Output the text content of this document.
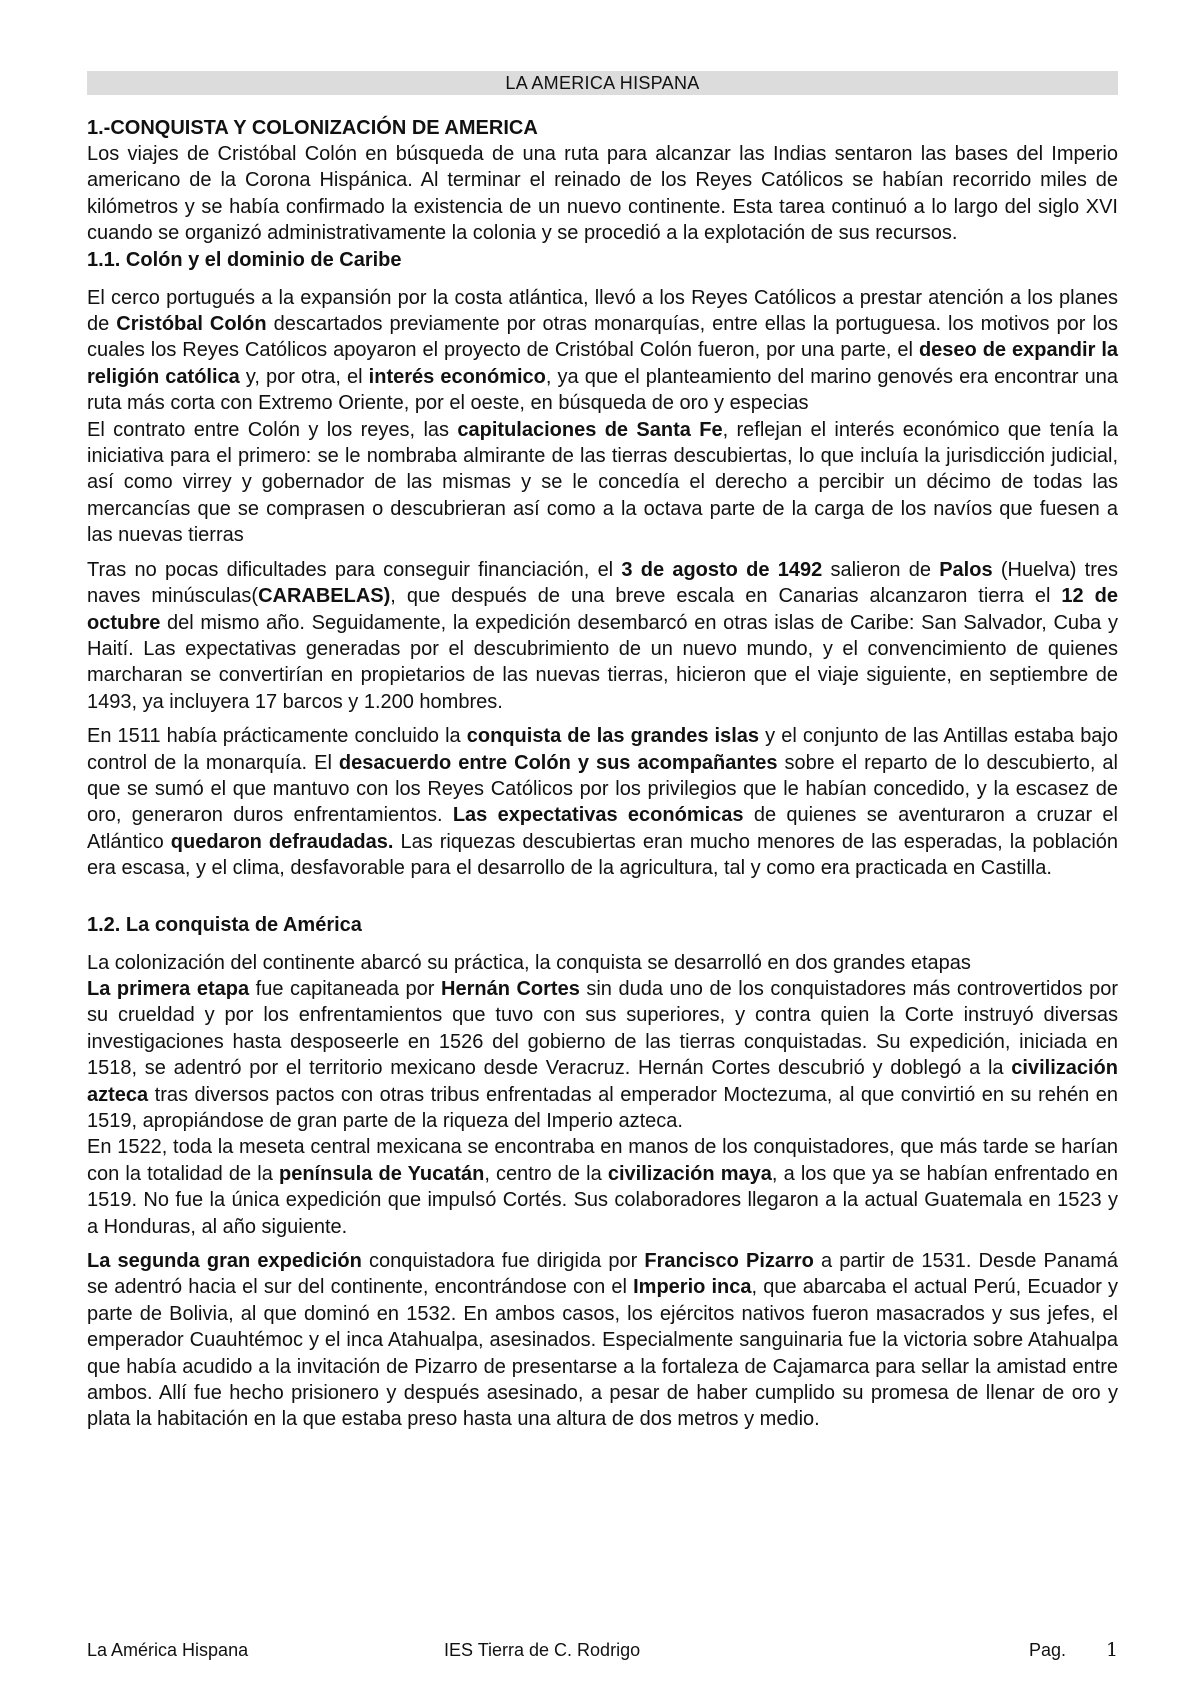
LA AMERICA HISPANA
1.-CONQUISTA Y COLONIZACIÓN DE AMERICA

Los viajes de Cristóbal Colón en búsqueda de una ruta para alcanzar las Indias sentaron las bases del Imperio americano de la Corona Hispánica. Al terminar el reinado de los Reyes Católicos se habían recorrido miles de kilómetros y se había confirmado la existencia de un nuevo continente. Esta tarea continuó a lo largo del siglo XVI cuando se organizó administrativamente la colonia y se procedió a la explotación de sus recursos.

1.1. Colón y el dominio de Caribe

El cerco portugués a la expansión por la costa atlántica, llevó a los Reyes Católicos a prestar atención a los planes de Cristóbal Colón descartados previamente por otras monarquías, entre ellas la portuguesa. los motivos por los cuales los Reyes Católicos apoyaron el proyecto de Cristóbal Colón fueron, por una parte, el deseo de expandir la religión católica y, por otra, el interés económico, ya que el planteamiento del marino genovés era encontrar una ruta más corta con Extremo Oriente, por el oeste, en búsqueda de oro y especias

El contrato entre Colón y los reyes, las capitulaciones de Santa Fe, reflejan el interés económico que tenía la iniciativa para el primero: se le nombraba almirante de las tierras descubiertas, lo que incluía la jurisdicción judicial, así como virrey y gobernador de las mismas y se le concedía el derecho a percibir un décimo de todas las mercancías que se comprasen o descubrieran así como a la octava parte de la carga de los navíos que fuesen a las nuevas tierras

Tras no pocas dificultades para conseguir financiación, el 3 de agosto de 1492 salieron de Palos (Huelva) tres naves minúsculas(CARABELAS), que después de una breve escala en Canarias alcanzaron tierra el 12 de octubre del mismo año. Seguidamente, la expedición desembarcó en otras islas de Caribe: San Salvador, Cuba y Haití. Las expectativas generadas por el descubrimiento de un nuevo mundo, y el convencimiento de quienes marcharan se convertirían en propietarios de las nuevas tierras, hicieron que el viaje siguiente, en septiembre de 1493, ya incluyera 17 barcos y 1.200 hombres.

En 1511 había prácticamente concluido la conquista de las grandes islas y el conjunto de las Antillas estaba bajo control de la monarquía. El desacuerdo entre Colón y sus acompañantes sobre el reparto de lo descubierto, al que se sumó el que mantuvo con los Reyes Católicos por los privilegios que le habían concedido, y la escasez de oro, generaron duros enfrentamientos. Las expectativas económicas de quienes se aventuraron a cruzar el Atlántico quedaron defraudadas. Las riquezas descubiertas eran mucho menores de las esperadas, la población era escasa, y el clima, desfavorable para el desarrollo de la agricultura, tal y como era practicada en Castilla.

1.2. La conquista de América

La colonización del continente abarcó su práctica, la conquista se desarrolló en dos grandes etapas

La primera etapa fue capitaneada por Hernán Cortes sin duda uno de los conquistadores más controvertidos por su crueldad y por los enfrentamientos que tuvo con sus superiores, y contra quien la Corte instruyó diversas investigaciones hasta desposeerle en 1526 del gobierno de las tierras conquistadas. Su expedición, iniciada en 1518, se adentró por el territorio mexicano desde Veracruz. Hernán Cortes descubrió y doblegó a la civilización azteca tras diversos pactos con otras tribus enfrentadas al emperador Moctezuma, al que convirtió en su rehén en 1519, apropiándose de gran parte de la riqueza del Imperio azteca.

En 1522, toda la meseta central mexicana se encontraba en manos de los conquistadores, que más tarde se harían con la totalidad de la península de Yucatán, centro de la civilización maya, a los que ya se habían enfrentado en 1519. No fue la única expedición que impulsó Cortés. Sus colaboradores llegaron a la actual Guatemala en 1523 y a Honduras, al año siguiente.

La segunda gran expedición conquistadora fue dirigida por Francisco Pizarro a partir de 1531. Desde Panamá se adentró hacia el sur del continente, encontrándose con el Imperio inca, que abarcaba el actual Perú, Ecuador y parte de Bolivia, al que dominó en 1532. En ambos casos, los ejércitos nativos fueron masacrados y sus jefes, el emperador Cuauhtémoc y el inca Atahualpa, asesinados. Especialmente sanguinaria fue la victoria sobre Atahualpa que había acudido a la invitación de Pizarro de presentarse a la fortaleza de Cajamarca para sellar la amistad entre ambos. Allí fue hecho prisionero y después asesinado, a pesar de haber cumplido su promesa de llenar de oro y plata la habitación en la que estaba preso hasta una altura de dos metros y medio.

La América Hispana	IES Tierra de C. Rodrigo	Pag. 1
